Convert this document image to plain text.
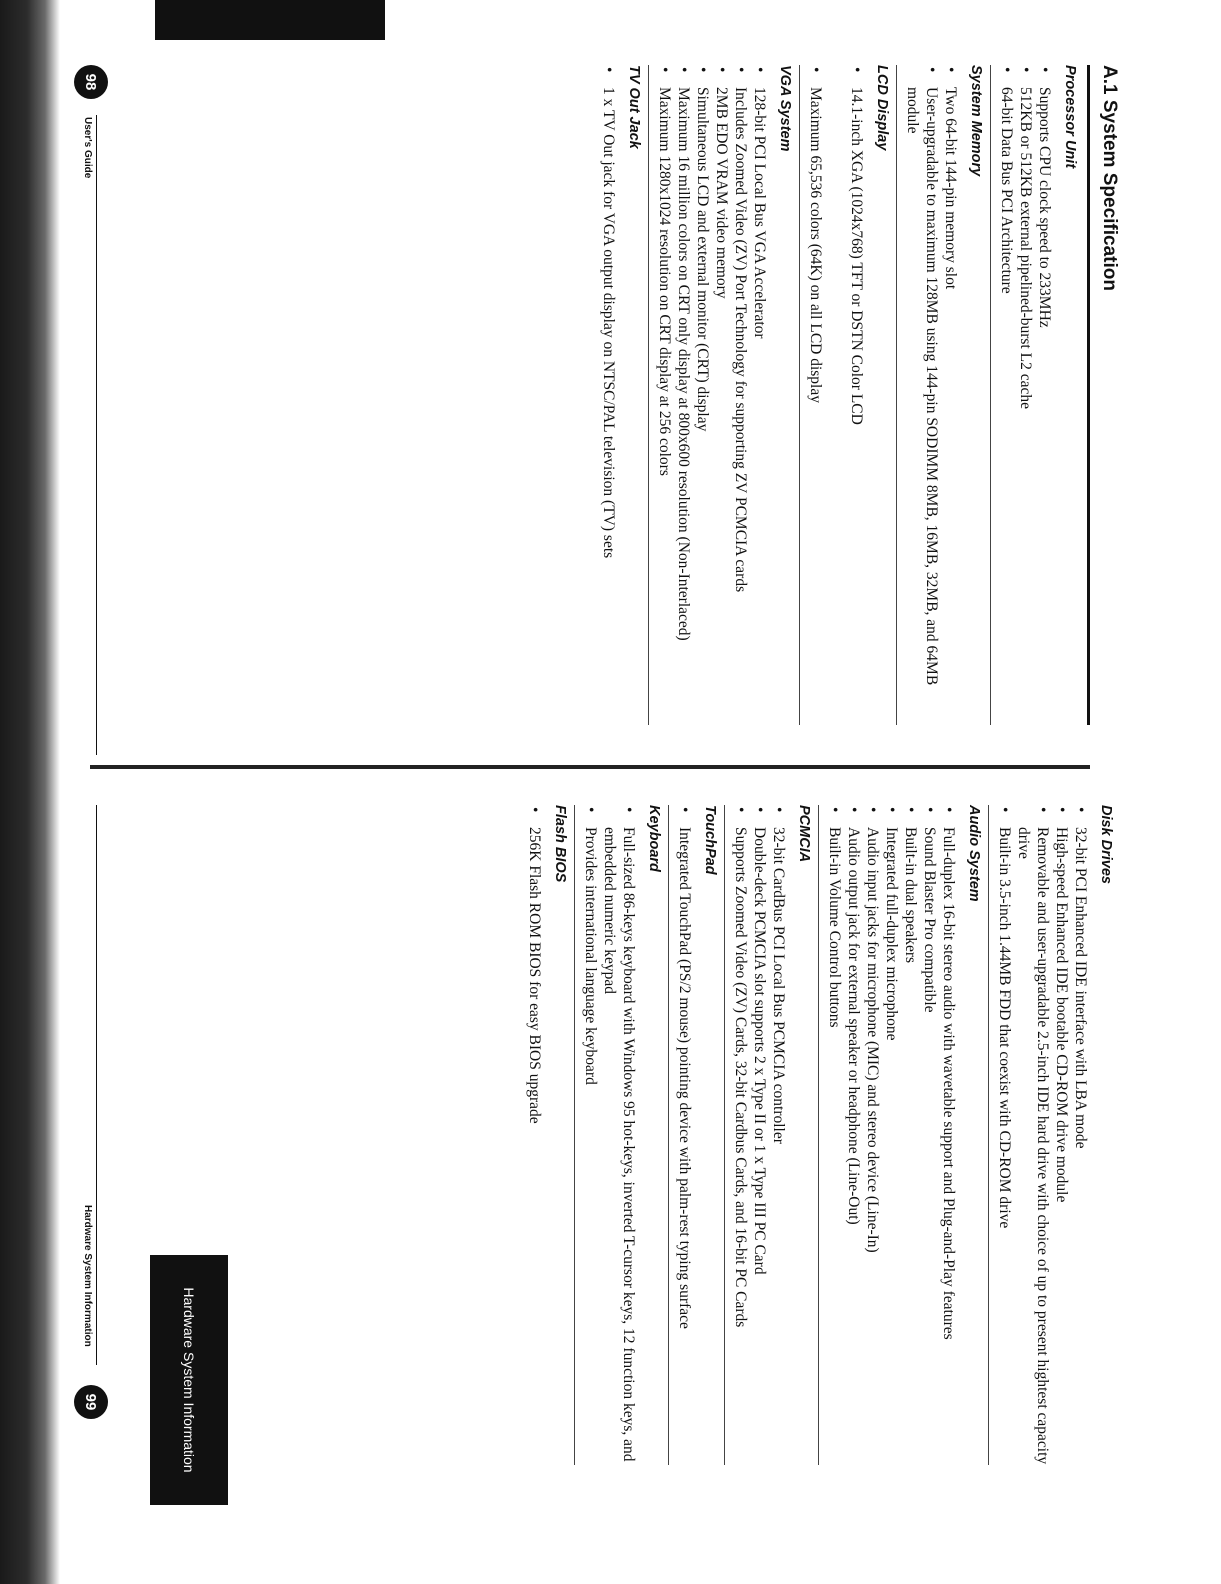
A.1 System Specification
Processor Unit
•
Supports CPU clock speed to 233MHz
•
512KB or 512KB external pipelined-burst L2 cache
•
64-bit Data Bus PCI Architecture
System Memory
•
Two 64-bit 144-pin memory slot
•
User-upgradable to maximum 128MB using 144-pin SODIMM 8MB, 16MB, 32MB, and 64MB module
LCD Display
•
14.1-inch XGA (1024x768) TFT or DSTN Color LCD
•
Maximum 65,536 colors (64K) on all LCD display
VGA System
•
128-bit PCI Local Bus VGA Accelerator
•
Includes Zoomed Video (ZV) Port Technology for supporting ZV PCMCIA cards
•
2MB EDO VRAM video memory
•
Simultaneous LCD and external monitor (CRT) display
•
Maximum 16 million colors on CRT only display at 800x600 resolution (Non-Interlaced)
•
Maximum 1280x1024 resolution on CRT display at 256 colors
TV Out Jack
•
1 x TV Out jack for VGA output display on NTSC/PAL television (TV) sets
98
User's Guide
Disk Drives
•
32-bit PCI Enhanced IDE interface with LBA mode
•
High-speed Enhanced IDE bootable CD-ROM drive module
•
Removable and user-upgradable 2.5-inch IDE hard drive with choice of up to present hightest capacity drive
•
Built-in 3.5-inch 1.44MB FDD that coexist with CD-ROM drive
Audio System
•
Full-duplex 16-bit stereo audio with wavetable support and Plug-and-Play features
•
Sound Blaster Pro compatible
•
Built-in dual speakers
•
Integrated full-duplex microphone
•
Audio input jacks for microphone (MIC) and stereo device (Line-In)
•
Audio output jack for external speaker or headphone (Line-Out)
•
Built-in Volume Control buttons
PCMCIA
•
32-bit CardBus PCI Local Bus PCMCIA controller
•
Double-deck PCMCIA slot supports 2 x Type II or 1 x Type III PC Card
•
Supports Zoomed Video (ZV) Cards, 32-bit Cardbus Cards, and 16-bit PC Cards
TouchPad
•
Integrated TouchPad (PS/2 mouse) pointing device with palm-rest typing surface
Keyboard
•
Full-sized 86-keys keyboard with Windows 95 hot-keys, inverted T-cursor keys, 12 function keys, and embedded numeric keypad
•
Provides international language keyboard
Flash BIOS
•
256K Flash ROM BIOS for easy BIOS upgrade
Hardware System Information
99	Hardware System Information
